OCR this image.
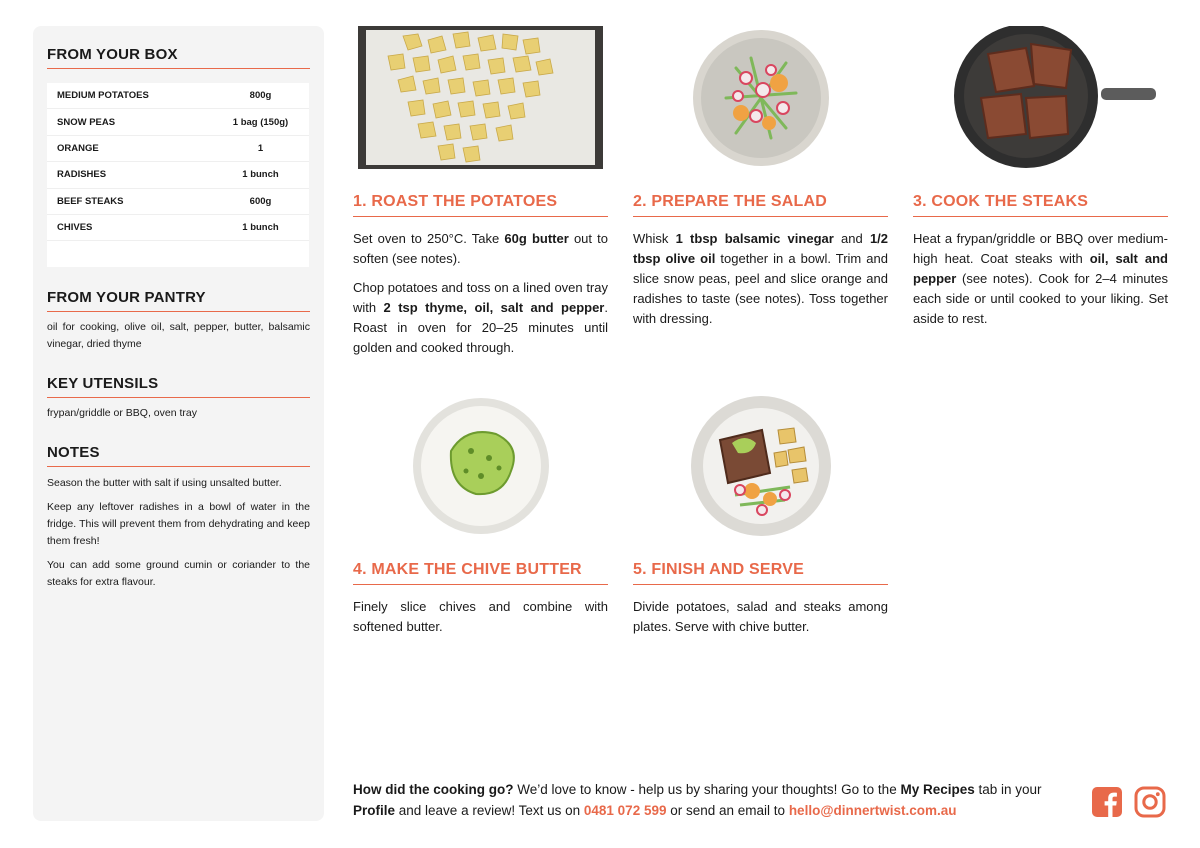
FROM YOUR BOX
MEDIUM POTATOES	800g
SNOW PEAS	1 bag (150g)
ORANGE	1
RADISHES	1 bunch
BEEF STEAKS	600g
CHIVES	1 bunch
FROM YOUR PANTRY

oil for cooking, olive oil, salt, pepper, butter, balsamic vinegar, dried thyme

KEY UTENSILS

frypan/griddle or BBQ, oven tray

NOTES

Season the butter with salt if using unsalted butter.

Keep any leftover radishes in a bowl of water in the fridge. This will prevent them from dehydrating and keep them fresh!

You can add some ground cumin or coriander to the steaks for extra flavour.

1. ROAST THE POTATOES

Set oven to 250°C. Take 60g butter out to soften (see notes).

Chop potatoes and toss on a lined oven tray with 2 tsp thyme, oil, salt and pepper. Roast in oven for 20–25 minutes until golden and cooked through.

2. PREPARE THE SALAD

Whisk 1 tbsp balsamic vinegar and 1/2 tbsp olive oil together in a bowl. Trim and slice snow peas, peel and slice orange and radishes to taste (see notes). Toss together with dressing.

3. COOK THE STEAKS

Heat a frypan/griddle or BBQ over medium-high heat. Coat steaks with oil, salt and pepper (see notes). Cook for 2–4 minutes each side or until cooked to your liking. Set aside to rest.

4. MAKE THE CHIVE BUTTER

Finely slice chives and combine with softened butter.

5. FINISH AND SERVE

Divide potatoes, salad and steaks among plates. Serve with chive butter.

How did the cooking go? We’d love to know - help us by sharing your thoughts! Go to the My Recipes tab in your Profile and leave a review! Text us on 0481 072 599 or send an email to hello@dinnertwist.com.au
